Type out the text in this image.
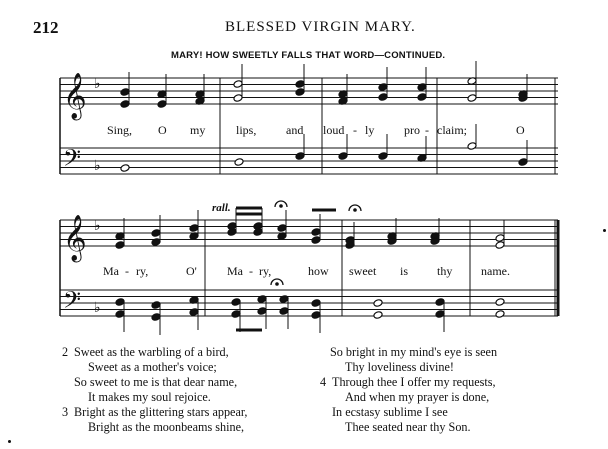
212	BLESSED VIRGIN MARY.
MARY! HOW SWEETLY FALLS THAT WORD—CONTINUED.
𝄞 ♭
𝄢 ♭
𝄞 ♭
𝄢 ♭
Sing, O my	lips, and loud - ly pro - claim;	O
rall.
Ma - ry,	O'	Ma - ry,	how sweet is thy name.
2 Sweet as the warbling of a bird,
Sweet as a mother's voice;
So sweet to me is that dear name,
It makes my soul rejoice.
3 Bright as the glittering stars appear,
Bright as the moonbeams shine,
So bright in my mind's eye is seen
Thy loveliness divine!
4 Through thee I offer my requests,
And when my prayer is done,
In ecstasy sublime I see
Thee seated near thy Son.
